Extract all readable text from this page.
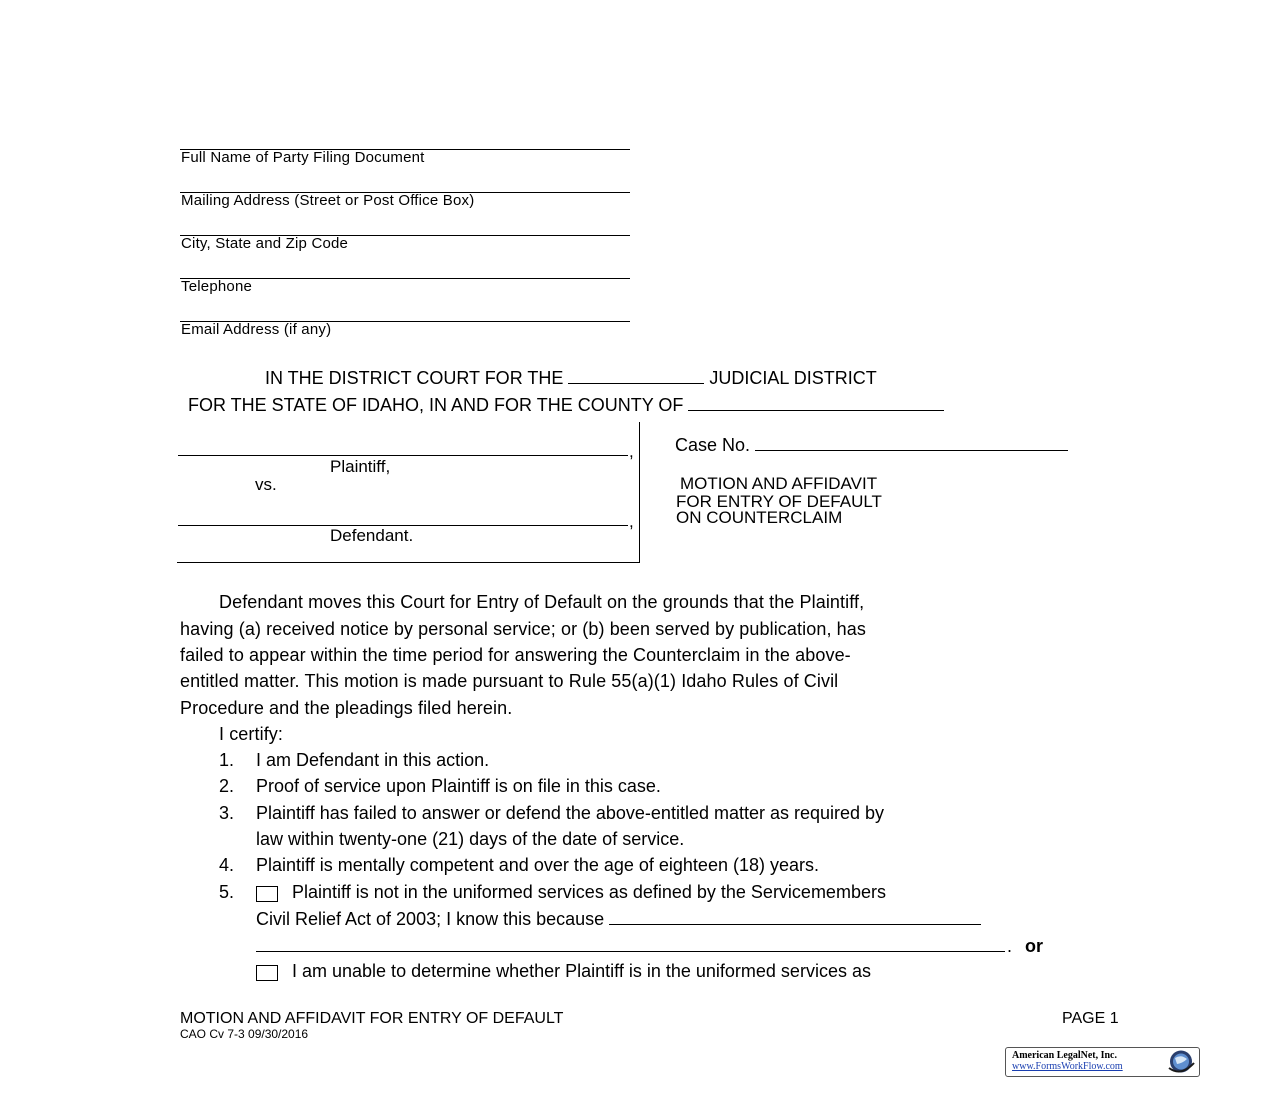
Full Name of Party Filing Document
Mailing Address (Street or Post Office Box)
City, State and Zip Code
Telephone
Email Address (if any)
IN THE DISTRICT COURT FOR THE	JUDICIAL DISTRICT
FOR THE STATE OF IDAHO, IN AND FOR THE COUNTY OF
,
Plaintiff,
vs.
,
Defendant.
Case No.
MOTION AND AFFIDAVIT
FOR ENTRY OF DEFAULT
ON COUNTERCLAIM
Defendant moves this Court for Entry of Default on the grounds that the Plaintiff,
having (a) received notice by personal service; or (b) been served by publication, has
failed to appear within the time period for answering the Counterclaim in the above-
entitled matter. This motion is made pursuant to Rule 55(a)(1) Idaho Rules of Civil
Procedure and the pleadings filed herein.
I certify:
1. I am Defendant in this action.
2. Proof of service upon Plaintiff is on file in this case.
3. Plaintiff has failed to answer or defend the above-entitled matter as required by
law within twenty-one (21) days of the date of service.
4. Plaintiff is mentally competent and over the age of eighteen (18) years.
5.	Plaintiff is not in the uniformed services as defined by the Servicemembers
Civil Relief Act of 2003; I know this because
. or
I am unable to determine whether Plaintiff is in the uniformed services as
MOTION AND AFFIDAVIT FOR ENTRY OF DEFAULT
CAO Cv 7-3 09/30/2016
PAGE 1
American LegalNet, Inc.
www.FormsWorkFlow.com
